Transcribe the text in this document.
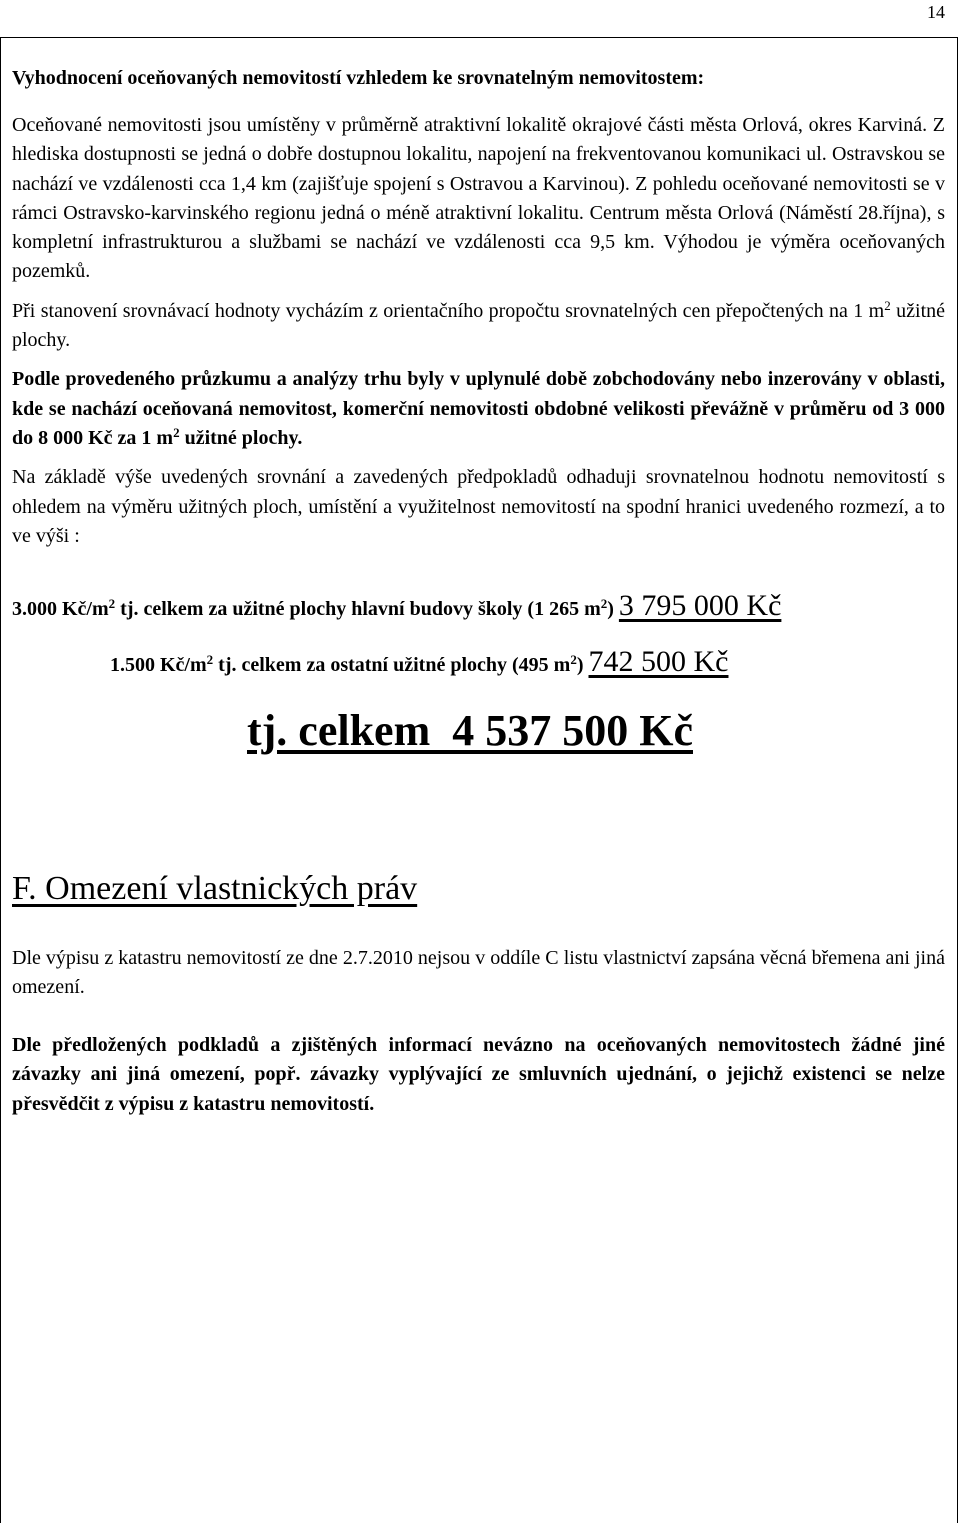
14

Vyhodnocení oceňovaných nemovitostí vzhledem ke srovnatelným nemovitostem:

Oceňované nemovitosti jsou umístěny v průměrně atraktivní lokalitě okrajové části města Orlová, okres Karviná. Z hlediska dostupnosti se jedná o dobře dostupnou lokalitu, napojení na frekventovanou komunikaci ul. Ostravskou se nachází ve vzdálenosti cca 1,4 km (zajišťuje spojení s Ostravou a Karvinou). Z pohledu oceňované nemovitosti se v rámci Ostravsko-karvinského regionu jedná o méně atraktivní lokalitu. Centrum města Orlová (Náměstí 28.října), s kompletní infrastrukturou a službami se nachází ve vzdálenosti cca 9,5 km. Výhodou je výměra oceňovaných pozemků.

Při stanovení srovnávací hodnoty vycházím z orientačního propočtu srovnatelných cen přepočtených na 1 $m^2$ užitné plochy.

Podle provedeného průzkumu a analýzy trhu byly v uplynulé době zobchodovány nebo inzerovány v oblasti, kde se nachází oceňovaná nemovitost, komerční nemovitosti obdobné velikosti převážně v průměru od 3 000 do 8 000 Kč za 1 $m^2$ užitné plochy.

Na základě výše uvedených srovnání a zavedených předpokladů odhaduji srovnatelnou hodnotu nemovitostí s ohledem na výměru užitných ploch, umístění a využitelnost nemovitostí na spodní hranici uvedeného rozmezí, a to ve výši :

3.000 $Kč/m^2$ tj. celkem za užitné plochy hlavní budovy školy (1 265 $m^2$) 3 795 000 Kč
1.500 $Kč/m^2$ tj. celkem za ostatní užitné plochy (495 $m^2$) 742 500 Kč
tj. celkem  4 537 500 Kč
F. Omezení vlastnických práv

Dle výpisu z katastru nemovitostí ze dne 2.7.2010 nejsou v oddíle C listu vlastnictví zapsána věcná břemena ani jiná omezení.

Dle předložených podkladů a zjištěných informací nevázno na oceňovaných nemovitostech žádné jiné závazky ani jiná omezení, popř. závazky vyplývající ze smluvních ujednání, o jejichž existenci se nelze přesvědčit z výpisu z katastru nemovitostí.
